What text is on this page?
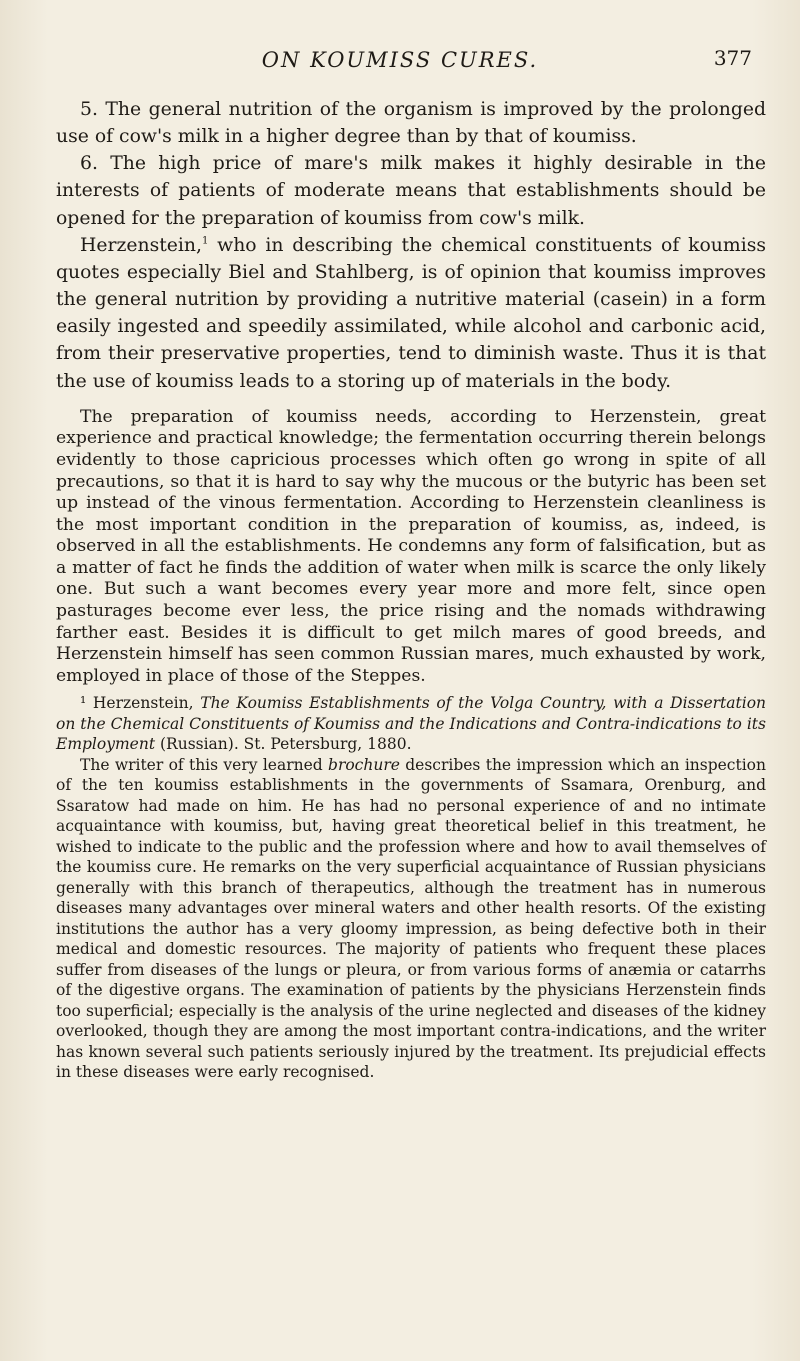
ON KOUMISS CURES.	377

5. The general nutrition of the organism is improved by the prolonged use of cow's milk in a higher degree than by that of koumiss.

6. The high price of mare's milk makes it highly desirable in the interests of patients of moderate means that establishments should be opened for the preparation of koumiss from cow's milk.

Herzenstein,$^1$ who in describing the chemical constituents of koumiss quotes especially Biel and Stahlberg, is of opinion that koumiss improves the general nutrition by providing a nutritive material (casein) in a form easily ingested and speedily assimilated, while alcohol and carbonic acid, from their preservative properties, tend to diminish waste. Thus it is that the use of koumiss leads to a storing up of materials in the body.

The preparation of koumiss needs, according to Herzenstein, great experience and practical knowledge; the fermentation occurring therein belongs evidently to those capricious processes which often go wrong in spite of all precautions, so that it is hard to say why the mucous or the butyric has been set up instead of the vinous fermentation. According to Herzenstein cleanliness is the most important condition in the preparation of koumiss, as, indeed, is observed in all the establishments. He condemns any form of falsification, but as a matter of fact he finds the addition of water when milk is scarce the only likely one. But such a want becomes every year more and more felt, since open pasturages become ever less, the price rising and the nomads withdrawing farther east. Besides it is difficult to get milch mares of good breeds, and Herzenstein himself has seen common Russian mares, much exhausted by work, employed in place of those of the Steppes.

¹ Herzenstein, The Koumiss Establishments of the Volga Country, with a Dissertation on the Chemical Constituents of Koumiss and the Indications and Contra-indications to its Employment (Russian). St. Petersburg, 1880.

The writer of this very learned brochure describes the impression which an inspection of the ten koumiss establishments in the governments of Ssamara, Orenburg, and Ssaratow had made on him. He has had no personal experience of and no intimate acquaintance with koumiss, but, having great theoretical belief in this treatment, he wished to indicate to the public and the profession where and how to avail themselves of the koumiss cure. He remarks on the very superficial acquaintance of Russian physicians generally with this branch of therapeutics, although the treatment has in numerous diseases many advantages over mineral waters and other health resorts. Of the existing institutions the author has a very gloomy impression, as being defective both in their medical and domestic resources. The majority of patients who frequent these places suffer from diseases of the lungs or pleura, or from various forms of anæmia or catarrhs of the digestive organs. The examination of patients by the physicians Herzenstein finds too superficial; especially is the analysis of the urine neglected and diseases of the kidney overlooked, though they are among the most important contra-indications, and the writer has known several such patients seriously injured by the treatment. Its prejudicial effects in these diseases were early recognised.
